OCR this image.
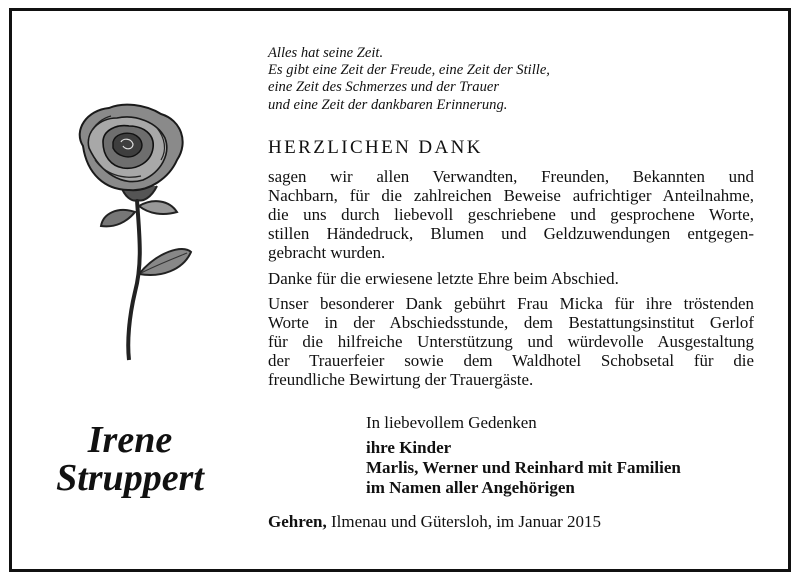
Alles hat seine Zeit.
Es gibt eine Zeit der Freude, eine Zeit der Stille,
eine Zeit des Schmerzes und der Trauer
und eine Zeit der dankbaren Erinnerung.
HERZLICHEN DANK
sagen wir allen Verwandten, Freunden, Bekannten und
Nachbarn, für die zahlreichen Beweise aufrichtiger Anteilnahme,
die uns durch liebevoll geschriebene und gesprochene Worte,
stillen Händedruck, Blumen und Geldzuwendungen entgegen-
gebracht wurden.
Danke für die erwiesene letzte Ehre beim Abschied.
Unser besonderer Dank gebührt Frau Micka für ihre tröstenden
Worte in der Abschiedsstunde, dem Bestattungsinstitut Gerlof
für die hilfreiche Unterstützung und würdevolle Ausgestaltung
der Trauerfeier sowie dem Waldhotel Schobsetal für die
freundliche Bewirtung der Trauergäste.
In liebevollem Gedenken
ihre Kinder
Marlis, Werner und Reinhard mit Familien
im Namen aller Angehörigen
Gehren, Ilmenau und Gütersloh, im Januar 2015
Irene
Struppert
